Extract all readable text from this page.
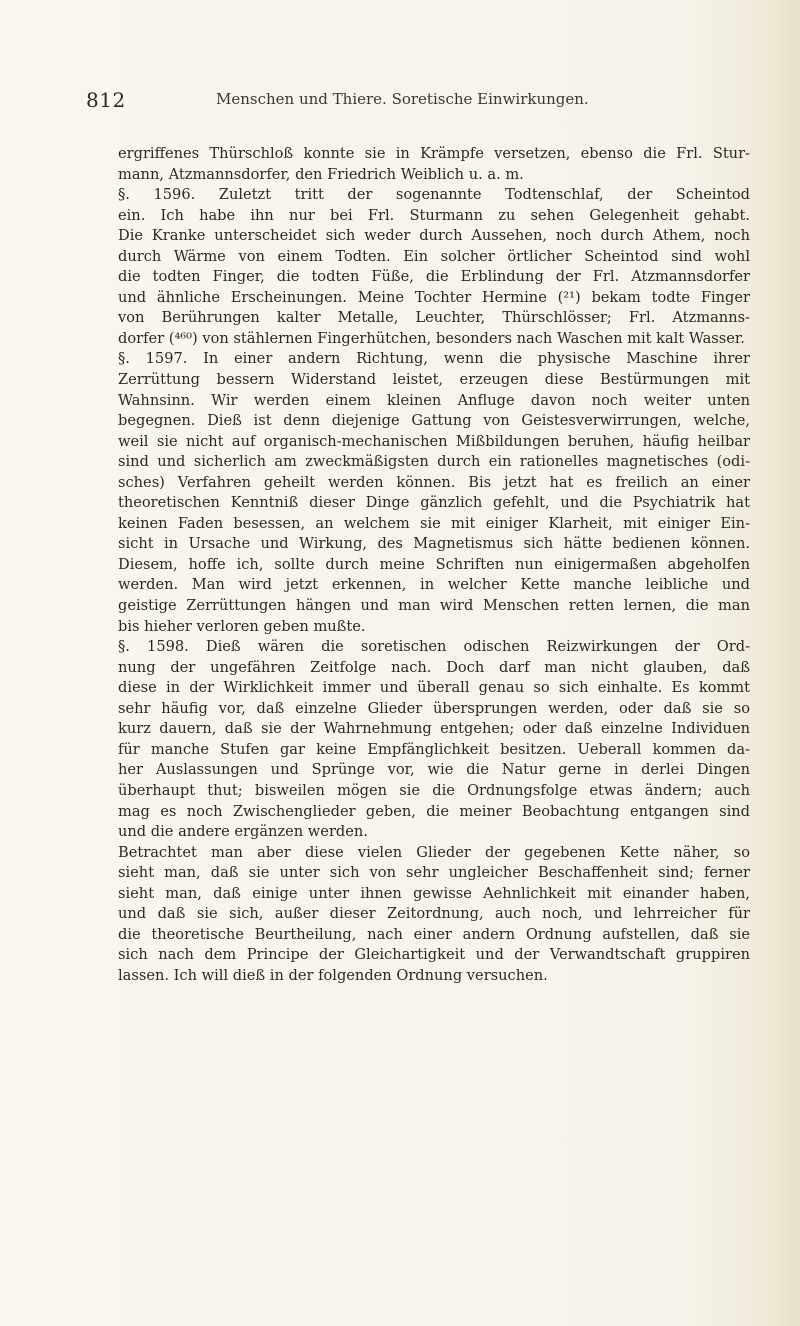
812	Menschen und Thiere. Soretische Einwirkungen.

ergriffenes Thürschloß konnte sie in Krämpfe versetzen, ebenso die Frl. Stur-
mann, Atzmannsdorfer, den Friedrich Weiblich u. a. m.

§. 1596. Zuletzt tritt der sogenannte Todtenschlaf, der Scheintod
ein. Ich habe ihn nur bei Frl. Sturmann zu sehen Gelegenheit gehabt.
Die Kranke unterscheidet sich weder durch Aussehen, noch durch Athem, noch
durch Wärme von einem Todten. Ein solcher örtlicher Scheintod sind wohl
die todten Finger, die todten Füße, die Erblindung der Frl. Atzmannsdorfer
und ähnliche Erscheinungen. Meine Tochter Hermine (²¹) bekam todte Finger
von Berührungen kalter Metalle, Leuchter, Thürschlösser; Frl. Atzmanns-
dorfer (⁴⁶⁰) von stählernen Fingerhütchen, besonders nach Waschen mit kalt Wasser.

§. 1597. In einer andern Richtung, wenn die physische Maschine ihrer
Zerrüttung bessern Widerstand leistet, erzeugen diese Bestürmungen mit
Wahnsinn. Wir werden einem kleinen Anfluge davon noch weiter unten
begegnen. Dieß ist denn diejenige Gattung von Geistesverwirrungen, welche,
weil sie nicht auf organisch-mechanischen Mißbildungen beruhen, häufig heilbar
sind und sicherlich am zweckmäßigsten durch ein rationelles magnetisches (odi-
sches) Verfahren geheilt werden können. Bis jetzt hat es freilich an einer
theoretischen Kenntniß dieser Dinge gänzlich gefehlt, und die Psychiatrik hat
keinen Faden besessen, an welchem sie mit einiger Klarheit, mit einiger Ein-
sicht in Ursache und Wirkung, des Magnetismus sich hätte bedienen können.
Diesem, hoffe ich, sollte durch meine Schriften nun einigermaßen abgeholfen
werden. Man wird jetzt erkennen, in welcher Kette manche leibliche und
geistige Zerrüttungen hängen und man wird Menschen retten lernen, die man
bis hieher verloren geben mußte.

§. 1598. Dieß wären die soretischen odischen Reizwirkungen der Ord-
nung der ungefähren Zeitfolge nach. Doch darf man nicht glauben, daß
diese in der Wirklichkeit immer und überall genau so sich einhalte. Es kommt
sehr häufig vor, daß einzelne Glieder übersprungen werden, oder daß sie so
kurz dauern, daß sie der Wahrnehmung entgehen; oder daß einzelne Individuen
für manche Stufen gar keine Empfänglichkeit besitzen. Ueberall kommen da-
her Auslassungen und Sprünge vor, wie die Natur gerne in derlei Dingen
überhaupt thut; bisweilen mögen sie die Ordnungsfolge etwas ändern; auch
mag es noch Zwischenglieder geben, die meiner Beobachtung entgangen sind
und die andere ergänzen werden.

Betrachtet man aber diese vielen Glieder der gegebenen Kette näher, so
sieht man, daß sie unter sich von sehr ungleicher Beschaffenheit sind; ferner
sieht man, daß einige unter ihnen gewisse Aehnlichkeit mit einander haben,
und daß sie sich, außer dieser Zeitordnung, auch noch, und lehrreicher für
die theoretische Beurtheilung, nach einer andern Ordnung aufstellen, daß sie
sich nach dem Principe der Gleichartigkeit und der Verwandtschaft gruppiren
lassen. Ich will dieß in der folgenden Ordnung versuchen.
